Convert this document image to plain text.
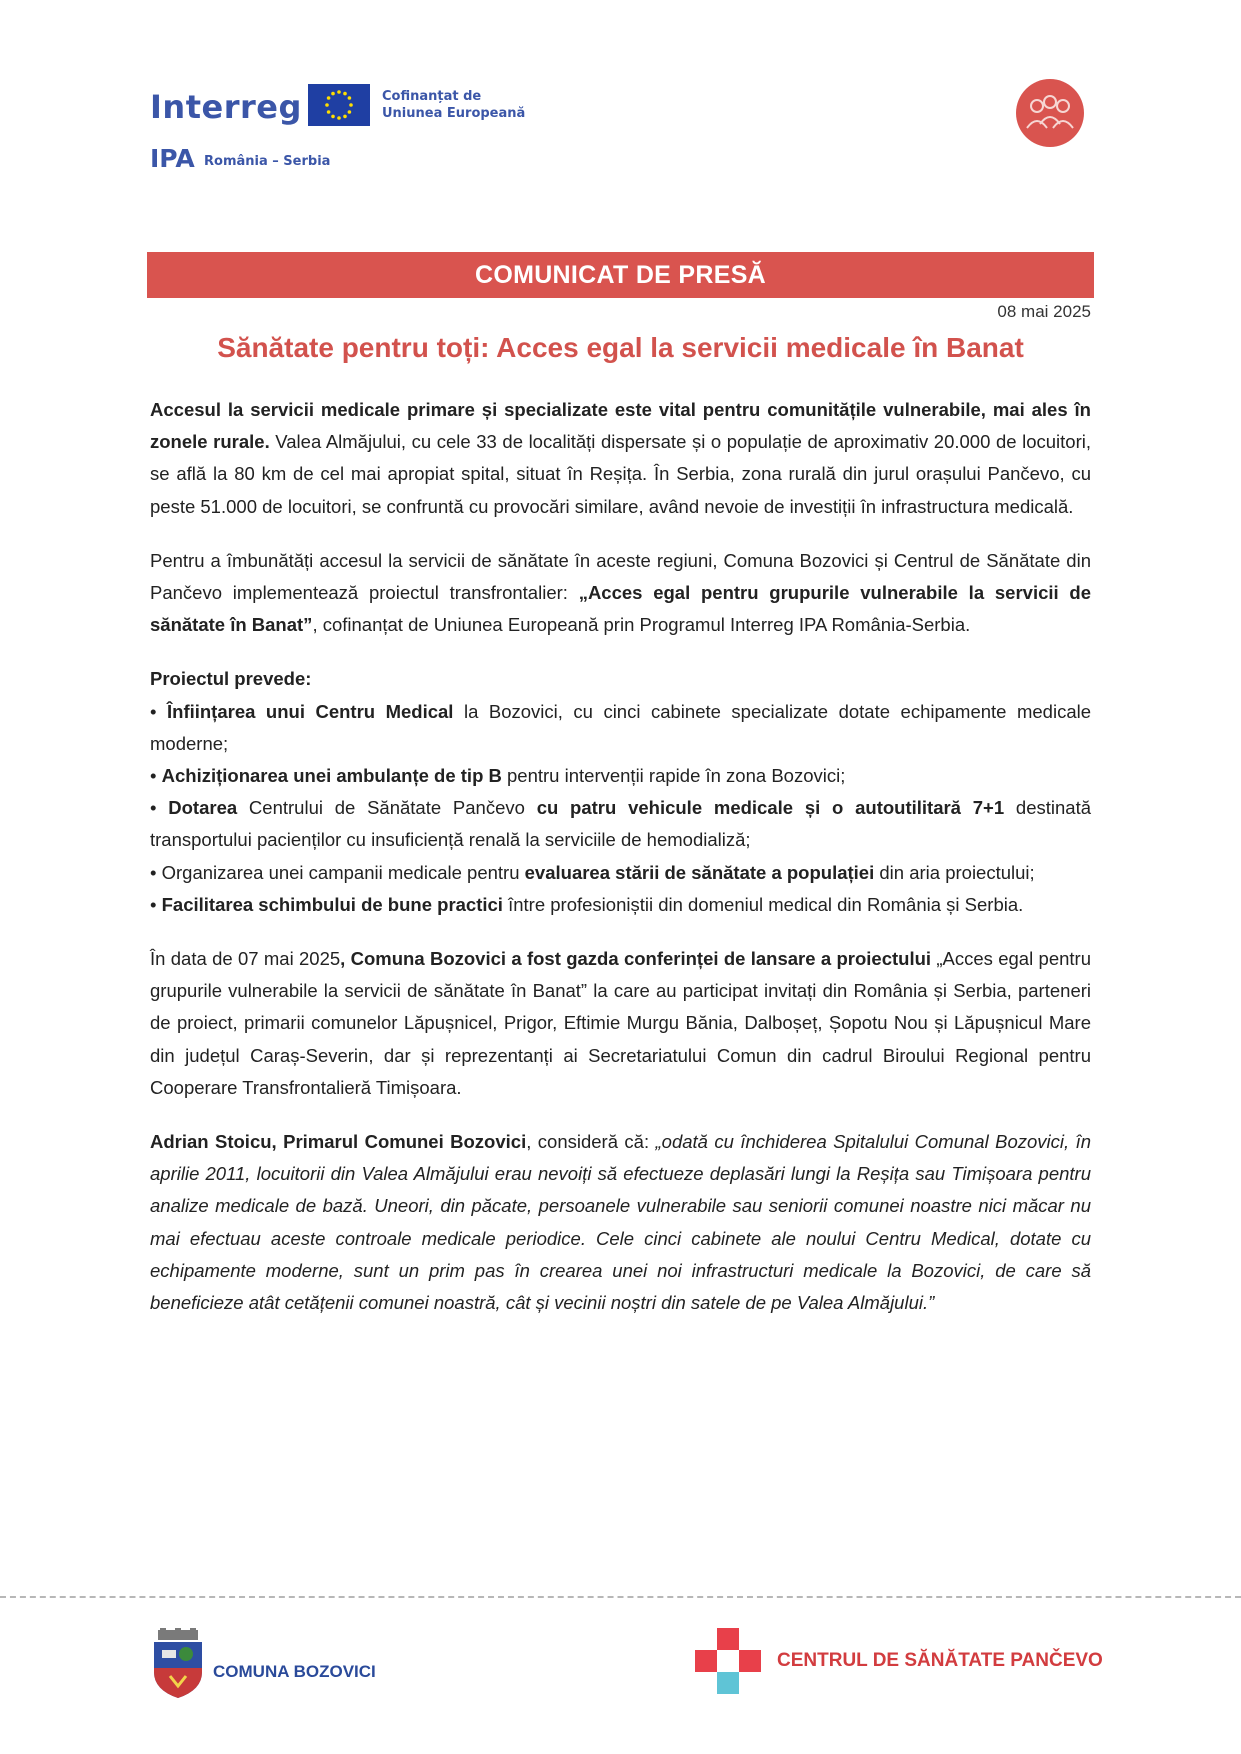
Interreg	Cofinanțat de
Uniunea Europeană
IPA România – Serbia
COMUNICAT DE PRESĂ
08 mai 2025
Sănătate pentru toți: Acces egal la servicii medicale în Banat

Accesul la servicii medicale primare și specializate este vital pentru comunitățile vulnerabile, mai ales în zonele rurale. Valea Almăjului, cu cele 33 de localități dispersate și o populație de aproximativ 20.000 de locuitori, se află la 80 km de cel mai apropiat spital, situat în Reșița. În Serbia, zona rurală din jurul orașului Pančevo, cu peste 51.000 de locuitori, se confruntă cu provocări similare, având nevoie de investiții în infrastructura medicală.

Pentru a îmbunătăți accesul la servicii de sănătate în aceste regiuni, Comuna Bozovici și Centrul de Sănătate din Pančevo implementează proiectul transfrontalier: „Acces egal pentru grupurile vulnerabile la servicii de sănătate în Banat”, cofinanțat de Uniunea Europeană prin Programul Interreg IPA România-Serbia.

Proiectul prevede:
• Înființarea unui Centru Medical la Bozovici, cu cinci cabinete specializate dotate echipamente medicale moderne;
• Achiziționarea unei ambulanțe de tip B pentru intervenții rapide în zona Bozovici;
• Dotarea Centrului de Sănătate Pančevo cu patru vehicule medicale și o autoutilitară 7+1 destinată transportului pacienților cu insuficiență renală la serviciile de hemodializă;
• Organizarea unei campanii medicale pentru evaluarea stării de sănătate a populației din aria proiectului;
• Facilitarea schimbului de bune practici între profesioniștii din domeniul medical din România și Serbia.

În data de 07 mai 2025, Comuna Bozovici a fost gazda conferinței de lansare a proiectului „Acces egal pentru grupurile vulnerabile la servicii de sănătate în Banat” la care au participat invitați din România și Serbia, parteneri de proiect, primarii comunelor Lăpușnicel, Prigor, Eftimie Murgu Bănia, Dalboșeț, Șopotu Nou și Lăpușnicul Mare din județul Caraș-Severin, dar și reprezentanți ai Secretariatului Comun din cadrul Biroului Regional pentru Cooperare Transfrontalieră Timișoara.

Adrian Stoicu, Primarul Comunei Bozovici, consideră că: „odată cu închiderea Spitalului Comunal Bozovici, în aprilie 2011, locuitorii din Valea Almăjului erau nevoiți să efectueze deplasări lungi la Reșița sau Timișoara pentru analize medicale de bază. Uneori, din păcate, persoanele vulnerabile sau seniorii comunei noastre nici măcar nu mai efectuau aceste controale medicale periodice. Cele cinci cabinete ale noului Centru Medical, dotate cu echipamente moderne, sunt un prim pas în crearea unei noi infrastructuri medicale la Bozovici, de care să beneficieze atât cetățenii comunei noastră, cât și vecinii noștri din satele de pe Valea Almăjului.”

COMUNA BOZOVICI
CENTRUL DE SĂNĂTATE PANČEVO
